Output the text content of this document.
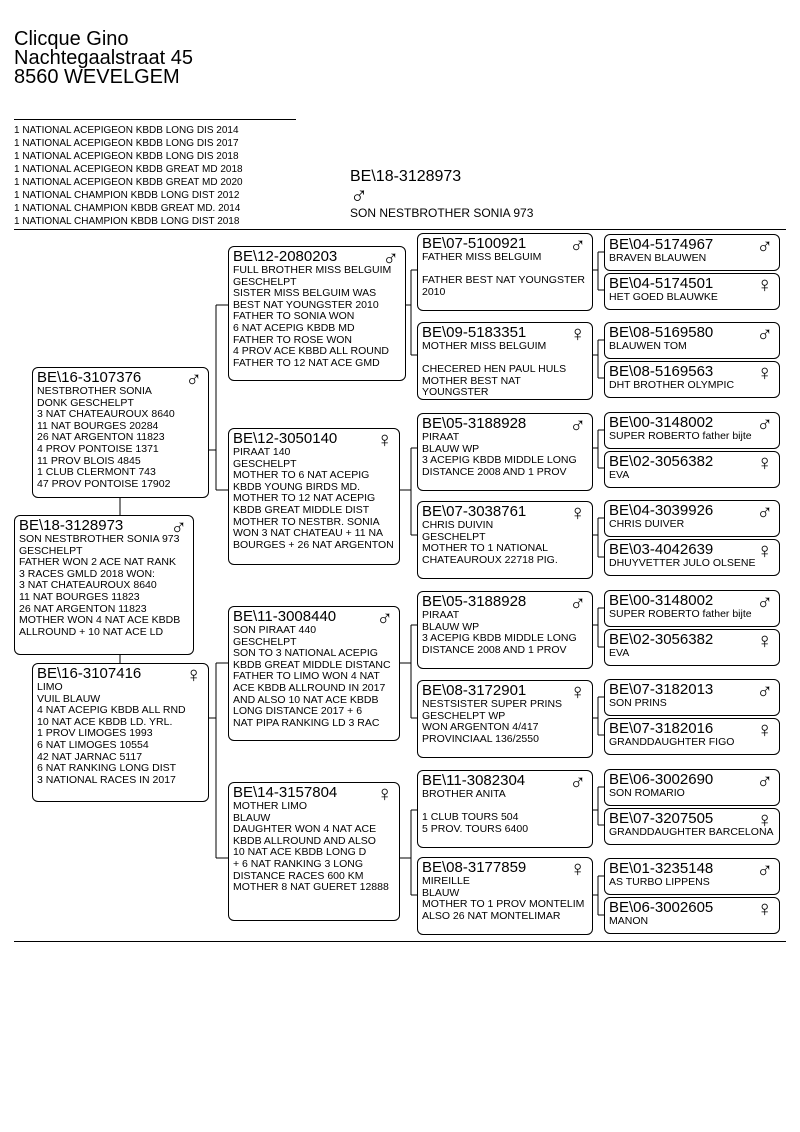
Clicque Gino
Nachtegaalstraat 45
8560 WEVELGEM
1 NATIONAL ACEPIGEON KBDB LONG DIS 2014
1 NATIONAL ACEPIGEON KBDB LONG DIS 2017
1 NATIONAL ACEPIGEON KBDB LONG DIS 2018
1 NATIONAL ACEPIGEON KBDB GREAT MD 2018
1 NATIONAL ACEPIGEON KBDB GREAT MD 2020
1 NATIONAL CHAMPION KBDB LONG DIST 2012
1 NATIONAL CHAMPION KBDB GREAT MD. 2014
1 NATIONAL CHAMPION KBDB LONG DIST 2018
BE\18-3128973
♂
SON NESTBROTHER SONIA 973
BE\18-3128973	♂
SON NESTBROTHER SONIA 973
GESCHELPT
FATHER WON 2 ACE NAT RANK
3 RACES GMLD 2018 WON:
3 NAT CHATEAUROUX 8640
11 NAT BOURGES 11823
26 NAT ARGENTON 11823
MOTHER WON 4 NAT ACE KBDB
ALLROUND + 10 NAT ACE LD
BE\16-3107376	♂
NESTBROTHER SONIA
DONK GESCHELPT
3 NAT CHATEAUROUX 8640
11 NAT BOURGES 20284
26 NAT ARGENTON 11823
4 PROV PONTOISE 1371
11 PROV BLOIS 4845
1 CLUB CLERMONT 743
47 PROV PONTOISE 17902
BE\16-3107416	♀
LIMO
VUIL BLAUW
4 NAT ACEPIG KBDB ALL RND
10 NAT ACE KBDB LD. YRL.
1 PROV LIMOGES 1993
6 NAT LIMOGES 10554
42 NAT JARNAC 5117
6 NAT RANKING LONG DIST
3 NATIONAL RACES IN 2017
BE\12-2080203	♂
FULL BROTHER MISS BELGUIM
GESCHELPT
SISTER MISS BELGUIM WAS
BEST NAT YOUNGSTER 2010
FATHER TO SONIA WON
6 NAT ACEPIG KBDB MD
FATHER TO ROSE WON
4 PROV ACE KBBD ALL ROUND
FATHER TO 12 NAT ACE GMD
BE\12-3050140	♀
PIRAAT 140
GESCHELPT
MOTHER TO 6 NAT ACEPIG
KBDB YOUNG BIRDS MD.
MOTHER TO 12 NAT ACEPIG
KBDB GREAT MIDDLE DIST
MOTHER TO NESTBR. SONIA
WON 3 NAT CHATEAU + 11 NA
BOURGES + 26 NAT ARGENTON
BE\11-3008440	♂
SON PIRAAT 440
GESCHELPT
SON TO 3 NATIONAL ACEPIG
KBDB GREAT MIDDLE DISTANC
FATHER TO LIMO WON 4 NAT
ACE KBDB ALLROUND IN 2017
AND ALSO 10 NAT ACE KBDB
LONG DISTANCE 2017 + 6
NAT PIPA RANKING LD 3 RAC
BE\14-3157804	♀
MOTHER LIMO
BLAUW
DAUGHTER WON 4 NAT ACE
KBDB ALLROUND AND ALSO
10 NAT ACE KBDB LONG D
+ 6 NAT RANKING 3 LONG
DISTANCE RACES 600 KM
MOTHER 8 NAT GUERET 12888
BE\07-5100921	♂
FATHER MISS BELGUIM

FATHER BEST NAT YOUNGSTER
2010
BE\09-5183351	♀
MOTHER MISS BELGUIM

CHECERED HEN PAUL HULS
MOTHER BEST NAT YOUNGSTER
BE\05-3188928	♂
PIRAAT
BLAUW WP
3 ACEPIG KBDB MIDDLE LONG
DISTANCE 2008 AND 1 PROV
BE\07-3038761	♀
CHRIS DUIVIN
GESCHELPT
MOTHER TO 1 NATIONAL
CHATEAUROUX 22718 PIG.
BE\05-3188928	♂
PIRAAT
BLAUW WP
3 ACEPIG KBDB MIDDLE LONG
DISTANCE 2008 AND 1 PROV
BE\08-3172901	♀
NESTSISTER SUPER PRINS
GESCHELPT WP
WON ARGENTON 4/417
PROVINCIAAL 136/2550
BE\11-3082304	♂
BROTHER ANITA

1 CLUB TOURS 504
5 PROV. TOURS 6400
BE\08-3177859	♀
MIREILLE
BLAUW
MOTHER TO 1 PROV MONTELIM
ALSO 26 NAT MONTELIMAR
BE\04-5174967	♂
BRAVEN BLAUWEN
BE\04-5174501	♀
HET GOED BLAUWKE
BE\08-5169580	♂
BLAUWEN TOM
BE\08-5169563	♀
DHT BROTHER OLYMPIC
BE\00-3148002	♂
SUPER ROBERTO father bijte
BE\02-3056382	♀
EVA
BE\04-3039926	♂
CHRIS DUIVER
BE\03-4042639	♀
DHUYVETTER JULO OLSENE
BE\00-3148002	♂
SUPER ROBERTO father bijte
BE\02-3056382	♀
EVA
BE\07-3182013	♂
SON PRINS
BE\07-3182016	♀
GRANDDAUGHTER FIGO
BE\06-3002690	♂
SON ROMARIO
BE\07-3207505	♀
GRANDDAUGHTER BARCELONA
BE\01-3235148	♂
AS TURBO LIPPENS
BE\06-3002605	♀
MANON
